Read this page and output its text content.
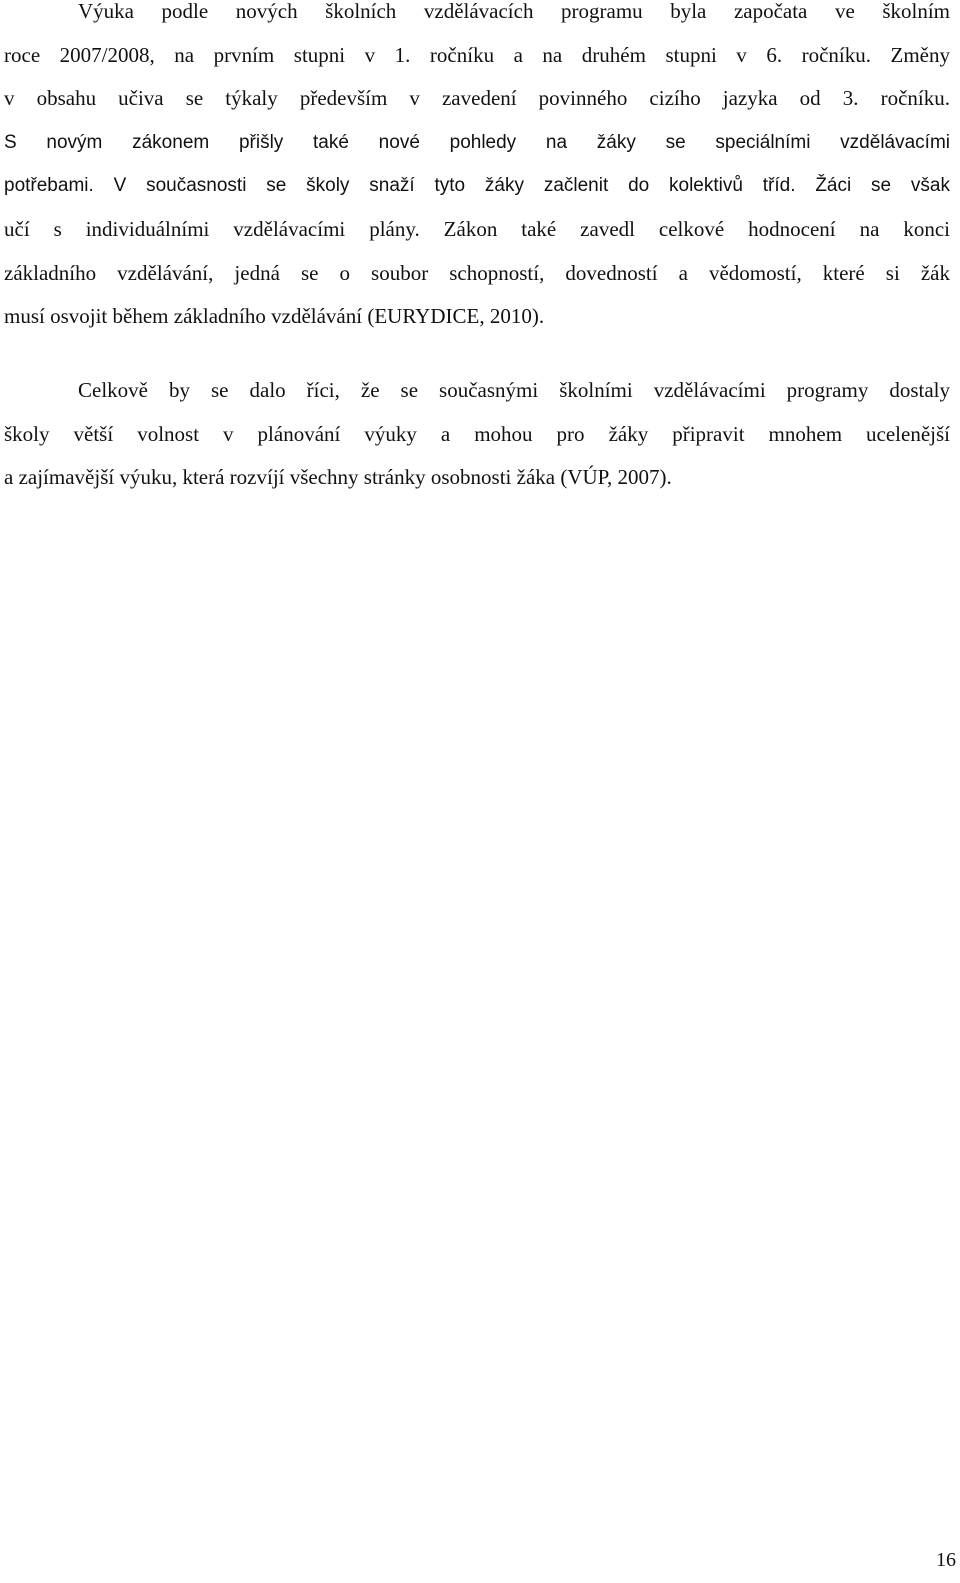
Výuka podle nových školních vzdělávacích programu byla započata ve školním
roce 2007/2008, na prvním stupni v 1. ročníku a na druhém stupni v 6. ročníku. Změny
v obsahu učiva se týkaly především v zavedení povinného cizího jazyka od 3. ročníku.
S novým zákonem přišly také nové pohledy na žáky se speciálními vzdělávacími
potřebami. V současnosti se školy snaží tyto žáky začlenit do kolektivů tříd. Žáci se však
učí s individuálními vzdělávacími plány. Zákon také zavedl celkové hodnocení na konci
základního vzdělávání, jedná se o soubor schopností, dovedností a vědomostí, které si žák
musí osvojit během základního vzdělávání (EURYDICE, 2010).
Celkově by se dalo říci, že se současnými školními vzdělávacími programy dostaly
školy větší volnost v plánování výuky a mohou pro žáky připravit mnohem ucelenější
a zajímavější výuku, která rozvíjí všechny stránky osobnosti žáka (VÚP, 2007).
16
